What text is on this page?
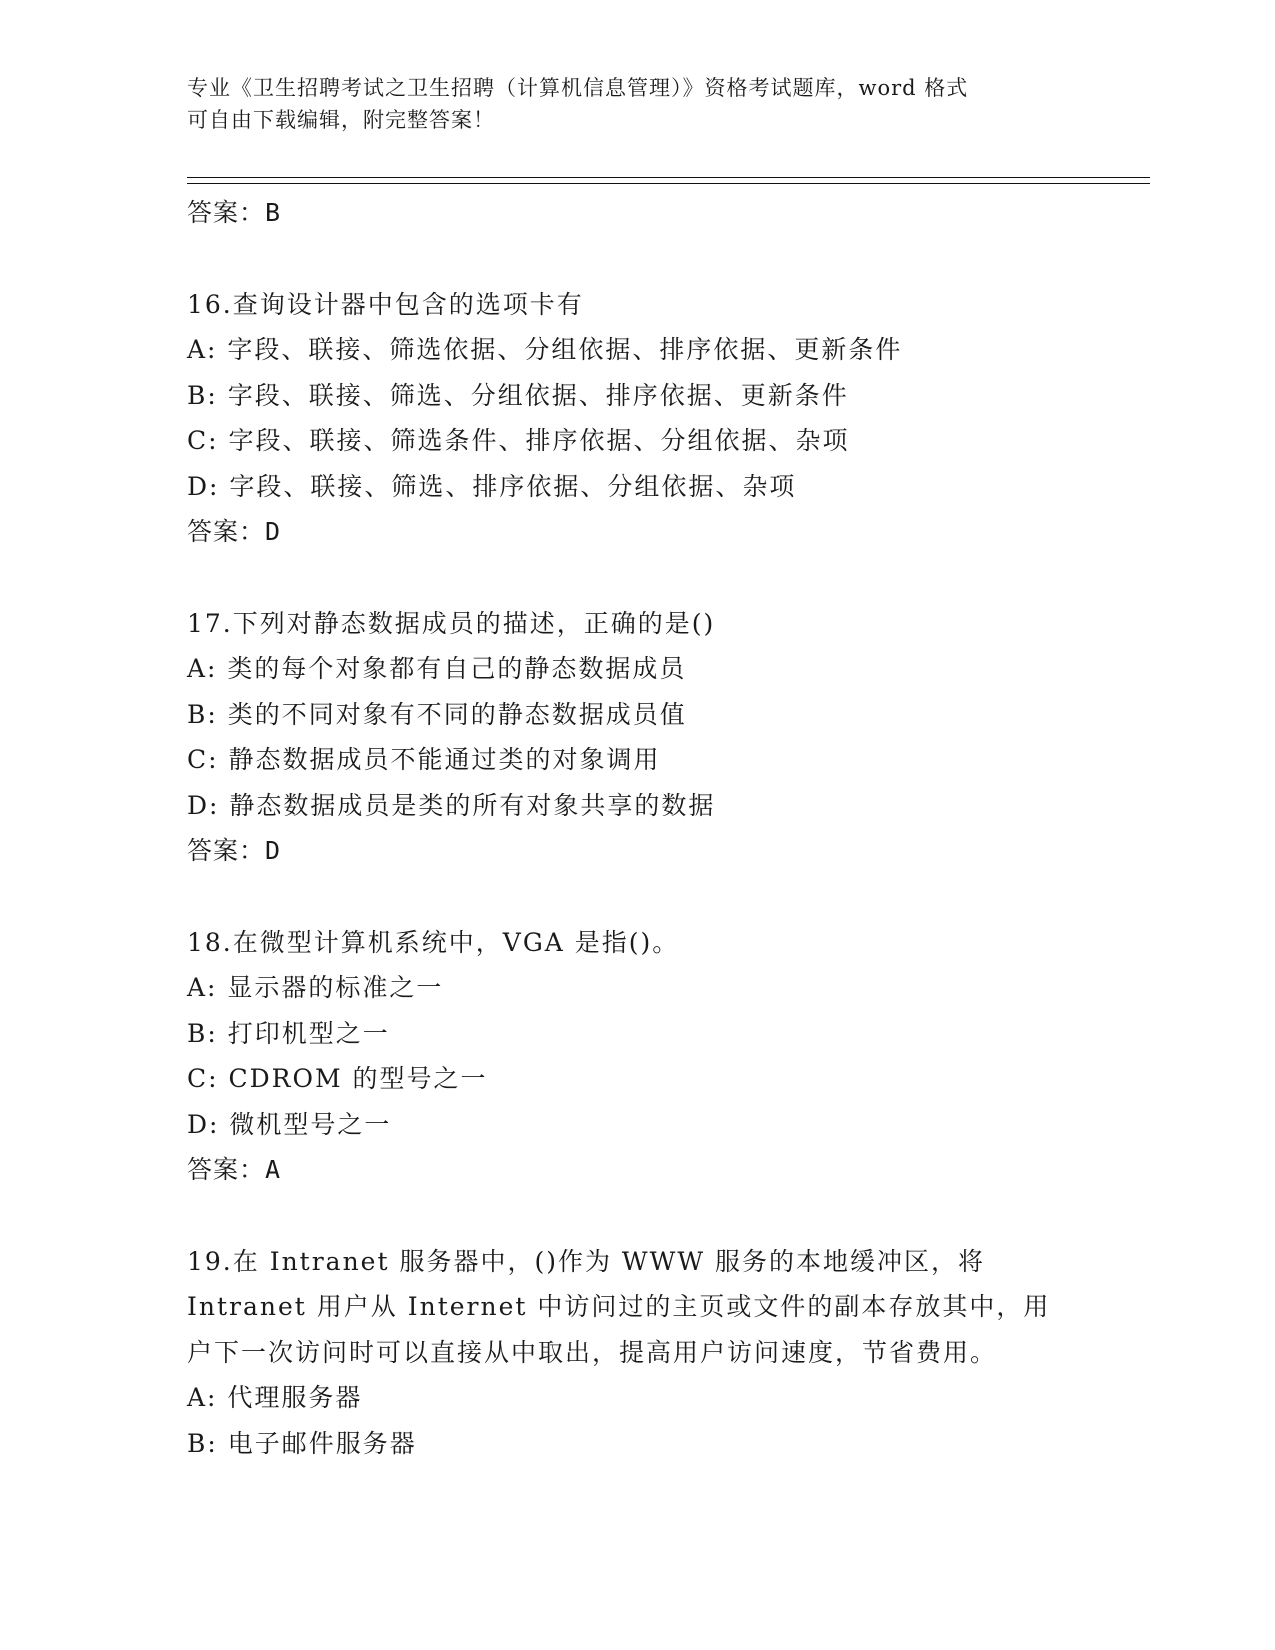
专业《卫生招聘考试之卫生招聘（计算机信息管理）》资格考试题库，word 格式
可自由下载编辑，附完整答案！
答案：B
16.查询设计器中包含的选项卡有
A: 字段、联接、筛选依据、分组依据、排序依据、更新条件
B: 字段、联接、筛选、分组依据、排序依据、更新条件
C: 字段、联接、筛选条件、排序依据、分组依据、杂项
D: 字段、联接、筛选、排序依据、分组依据、杂项
答案：D
17.下列对静态数据成员的描述，正确的是()
A: 类的每个对象都有自己的静态数据成员
B: 类的不同对象有不同的静态数据成员值
C: 静态数据成员不能通过类的对象调用
D: 静态数据成员是类的所有对象共享的数据
答案：D
18.在微型计算机系统中，VGA 是指()。
A: 显示器的标准之一
B: 打印机型之一
C: CDROM 的型号之一
D: 微机型号之一
答案：A
19.在 Intranet 服务器中，()作为 WWW 服务的本地缓冲区，将
Intranet 用户从 Internet 中访问过的主页或文件的副本存放其中，用
户下一次访问时可以直接从中取出，提高用户访问速度，节省费用。
A: 代理服务器
B: 电子邮件服务器
